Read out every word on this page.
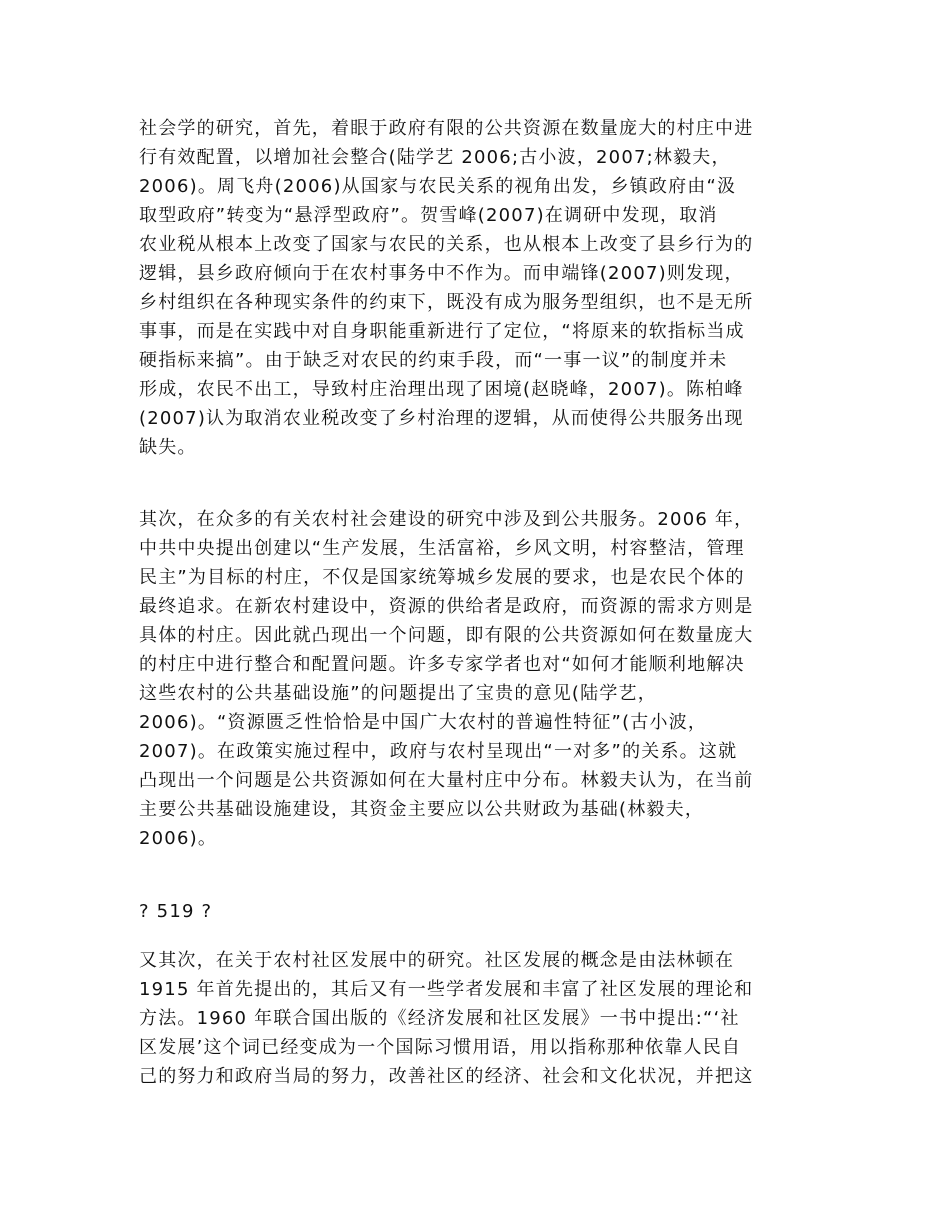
社会学的研究，首先，着眼于政府有限的公共资源在数量庞大的村庄中进
行有效配置，以增加社会整合(陆学艺 2006;古小波，2007;林毅夫，
2006)。周飞舟(2006)从国家与农民关系的视角出发，乡镇政府由“汲
取型政府”转变为“悬浮型政府”。贺雪峰(2007)在调研中发现，取消
农业税从根本上改变了国家与农民的关系，也从根本上改变了县乡行为的
逻辑，县乡政府倾向于在农村事务中不作为。而申端锋(2007)则发现，
乡村组织在各种现实条件的约束下，既没有成为服务型组织，也不是无所
事事，而是在实践中对自身职能重新进行了定位，“将原来的软指标当成
硬指标来搞”。由于缺乏对农民的约束手段，而“一事一议”的制度并未
形成，农民不出工，导致村庄治理出现了困境(赵晓峰，2007)。陈柏峰
(2007)认为取消农业税改变了乡村治理的逻辑，从而使得公共服务出现
缺失。
其次，在众多的有关农村社会建设的研究中涉及到公共服务。2006 年，
中共中央提出创建以“生产发展，生活富裕，乡风文明，村容整洁，管理
民主”为目标的村庄，不仅是国家统筹城乡发展的要求，也是农民个体的
最终追求。在新农村建设中，资源的供给者是政府，而资源的需求方则是
具体的村庄。因此就凸现出一个问题，即有限的公共资源如何在数量庞大
的村庄中进行整合和配置问题。许多专家学者也对“如何才能顺利地解决
这些农村的公共基础设施”的问题提出了宝贵的意见(陆学艺，
2006)。“资源匮乏性恰恰是中国广大农村的普遍性特征”(古小波，
2007)。在政策实施过程中，政府与农村呈现出“一对多”的关系。这就
凸现出一个问题是公共资源如何在大量村庄中分布。林毅夫认为，在当前
主要公共基础设施建设，其资金主要应以公共财政为基础(林毅夫，
2006)。
? 519 ?
又其次，在关于农村社区发展中的研究。社区发展的概念是由法林顿在
1915 年首先提出的，其后又有一些学者发展和丰富了社区发展的理论和
方法。1960 年联合国出版的《经济发展和社区发展》一书中提出:“‘社
区发展’这个词已经变成为一个国际习惯用语，用以指称那种依靠人民自
己的努力和政府当局的努力，改善社区的经济、社会和文化状况，并把这
